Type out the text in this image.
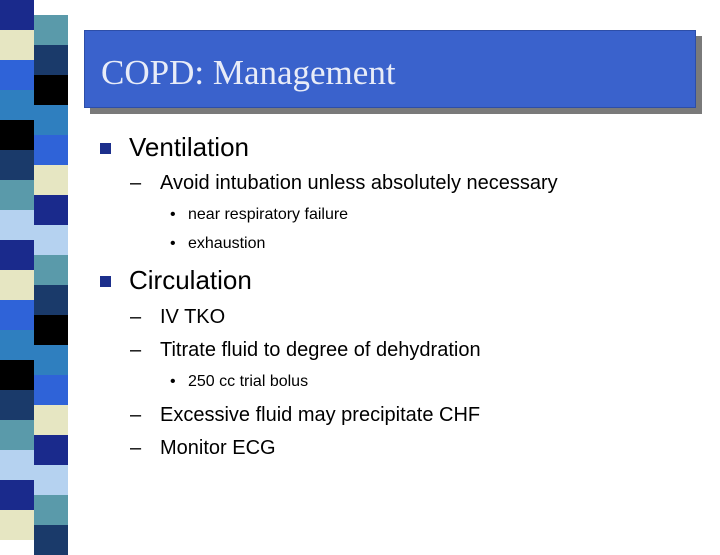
COPD: Management
Ventilation
– Avoid intubation unless absolutely necessary
• near respiratory failure
• exhaustion
Circulation
– IV TKO
– Titrate fluid to degree of dehydration
• 250 cc trial bolus
– Excessive fluid may precipitate CHF
– Monitor ECG
